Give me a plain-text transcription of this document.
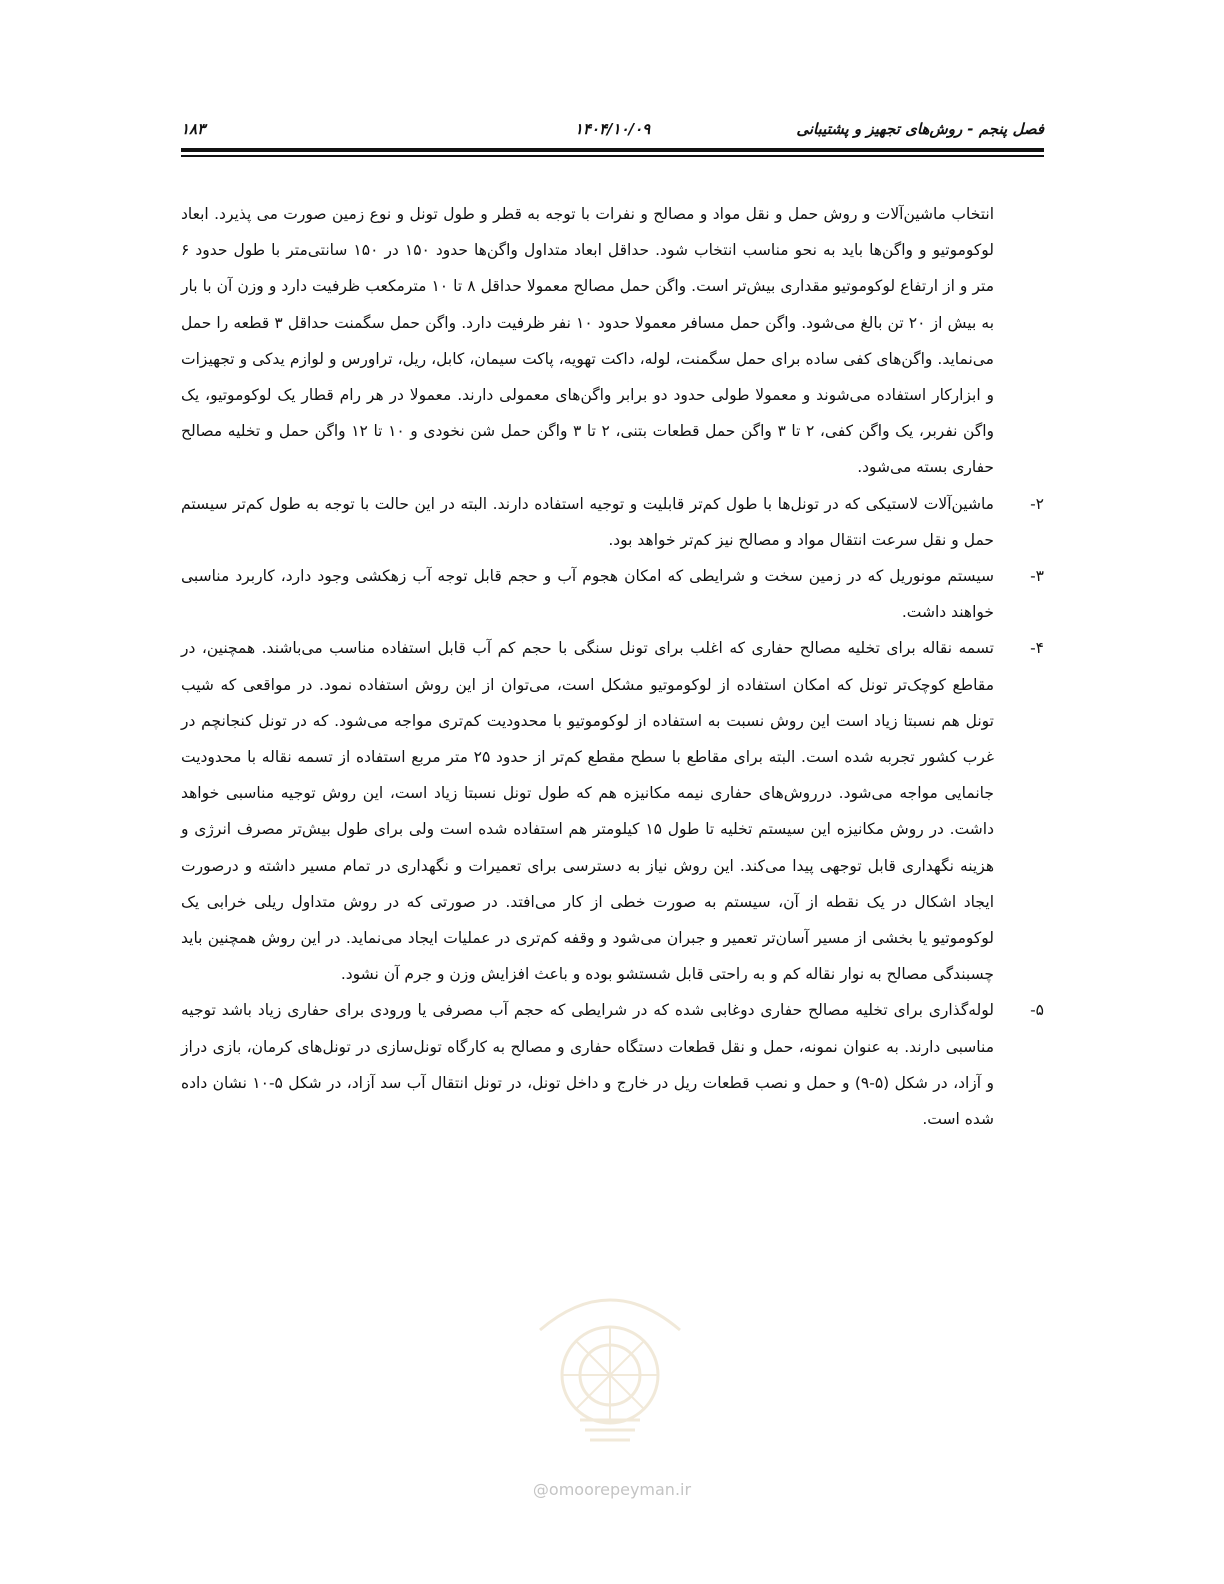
فصل پنجم - روش‌های تجهیز و پشتیبانی
۱۴۰۴/۱۰/۰۹
۱۸۳

انتخاب ماشین‌آلات و روش حمل و نقل مواد و مصالح و نفرات با توجه به قطر و طول تونل و نوع زمین صورت می پذیرد. ابعاد لوکوموتیو و واگن‌ها باید به نحو مناسب انتخاب شود. حداقل ابعاد متداول واگن‌ها حدود ۱۵۰ در ۱۵۰ سانتی‌متر با طول حدود ۶ متر و از ارتفاع لوکوموتیو مقداری بیش‌تر است. واگن حمل مصالح معمولا حداقل ۸ تا ۱۰ مترمکعب ظرفیت دارد و وزن آن با بار به بیش از ۲۰ تن بالغ می‌شود. واگن حمل مسافر معمولا حدود ۱۰ نفر ظرفیت دارد. واگن حمل سگمنت حداقل ۳ قطعه را حمل می‌نماید. واگن‌های کفی ساده برای حمل سگمنت، لوله، داکت تهویه، پاکت سیمان، کابل، ریل، تراورس و لوازم یدکی و تجهیزات و ابزارکار استفاده می‌شوند و معمولا طولی حدود دو برابر واگن‌های معمولی دارند. معمولا در هر رام قطار یک لوکوموتیو، یک واگن نفربر، یک واگن کفی، ۲ تا ۳ واگن حمل قطعات بتنی، ۲ تا ۳ واگن حمل شن نخودی و ۱۰ تا ۱۲ واگن حمل و تخلیه مصالح حفاری بسته می‌شود.

۲-
ماشین‌آلات لاستیکی که در تونل‌ها با طول کم‌تر قابلیت و توجیه استفاده دارند. البته در این حالت با توجه به طول کم‌تر سیستم حمل و نقل سرعت انتقال مواد و مصالح نیز کم‌تر خواهد بود.
۳-
سیستم مونوریل که در زمین سخت و شرایطی که امکان هجوم آب و حجم قابل توجه آب زهکشی وجود دارد، کاربرد مناسبی خواهند داشت.
۴-
تسمه نقاله برای تخلیه مصالح حفاری که اغلب برای تونل سنگی با حجم کم آب قابل استفاده مناسب می‌باشند. همچنین، در مقاطع کوچک‌تر تونل که امکان استفاده از لوکوموتیو مشکل است، می‌توان از این روش استفاده نمود. در مواقعی که شیب تونل هم نسبتا زیاد است این روش نسبت به استفاده از لوکوموتیو با محدودیت کم‌تری مواجه می‌شود. که در تونل کنجانچم در غرب کشور تجربه شده است. البته برای مقاطع با سطح مقطع کم‌تر از حدود ۲۵ متر مربع استفاده از تسمه نقاله با محدودیت جانمایی مواجه می‌شود. درروش‌های حفاری نیمه مکانیزه هم که طول تونل نسبتا زیاد است، این روش توجیه مناسبی خواهد داشت. در روش مکانیزه این سیستم تخلیه تا طول ۱۵ کیلومتر هم استفاده شده است ولی برای طول بیش‌تر مصرف انرژی و هزینه نگهداری قابل توجهی پیدا می‌کند. این روش نیاز به دسترسی برای تعمیرات و نگهداری در تمام مسیر داشته و درصورت ایجاد اشکال در یک نقطه از آن، سیستم به صورت خطی از کار می‌افتد. در صورتی که در روش متداول ریلی خرابی یک لوکوموتیو یا بخشی از مسیر آسان‌تر تعمیر و جبران می‌شود و وقفه کم‌تری در عملیات ایجاد می‌نماید. در این روش همچنین باید چسبندگی مصالح به نوار نقاله کم و به راحتی قابل شستشو بوده و باعث افزایش وزن و جرم آن نشود.
۵-
لوله‌گذاری برای تخلیه مصالح حفاری دوغابی شده که در شرایطی که حجم آب مصرفی یا ورودی برای حفاری زیاد باشد توجیه مناسبی دارند. به عنوان نمونه، حمل و نقل قطعات دستگاه حفاری و مصالح به کارگاه تونل‌سازی در تونل‌های کرمان، بازی دراز و آزاد، در شکل (۵-۹) و حمل و نصب قطعات ریل در خارج و داخل تونل، در تونل انتقال آب سد آزاد، در شکل ۵-۱۰ نشان داده شده است.
@omoorepeyman.ir
